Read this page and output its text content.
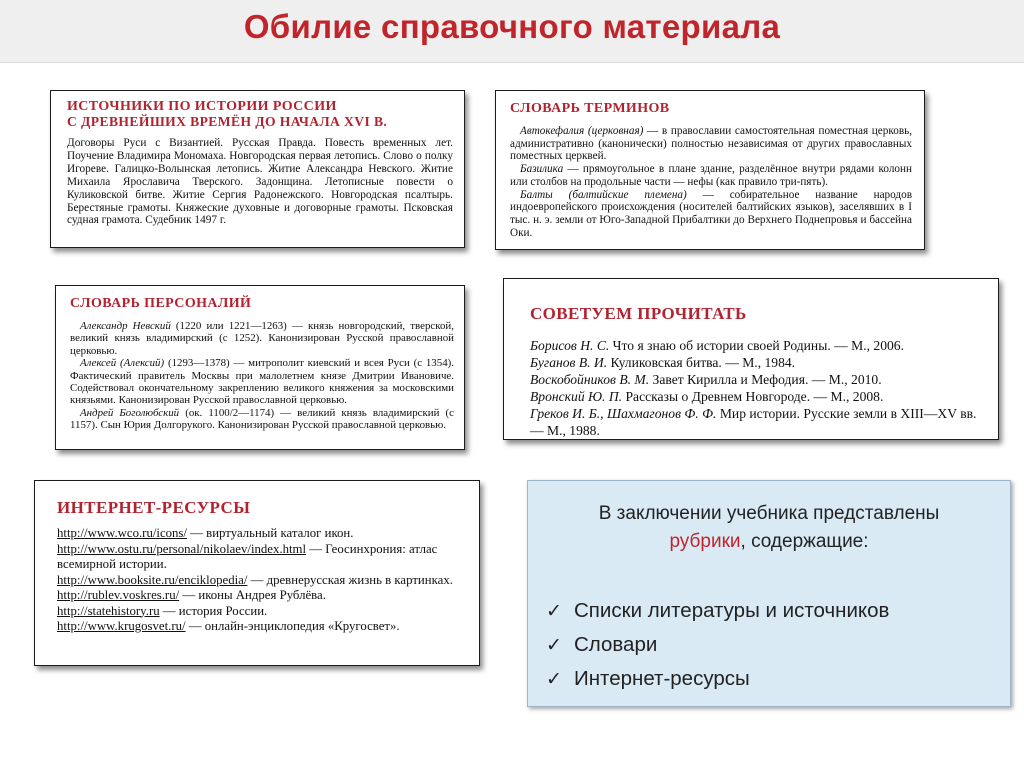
Обилие справочного материала
ИСТОЧНИКИ ПО ИСТОРИИ РОССИИ
С ДРЕВНЕЙШИХ ВРЕМЁН ДО НАЧАЛА XVI В.
Договоры Руси с Византией. Русская Правда. Повесть временных лет. Поучение Владимира Мономаха. Новгородская первая летопись. Слово о полку Игореве. Галицко-Волынская летопись. Житие Александра Невского. Житие Михаила Ярославича Тверского. Задонщина. Летописные повести о Куликовской битве. Житие Сергия Радонежского. Новгородская псалтырь. Берестяные грамоты. Княжеские духовные и договорные грамоты. Псковская судная грамота. Судебник 1497 г.
СЛОВАРЬ ТЕРМИНОВ
Автокефалия (церковная) — в православии самостоятельная поместная церковь, административно (канонически) полностью независимая от других православных поместных церквей.
Базилика — прямоугольное в плане здание, разделённое внутри рядами колонн или столбов на продольные части — нефы (как правило три-пять).
Балты (балтийские племена) — собирательное название народов индоевропейского происхождения (носителей балтийских языков), заселявших в I тыс. н. э. земли от Юго-Западной Прибалтики до Верхнего Поднепровья и бассейна Оки.
СЛОВАРЬ ПЕРСОНАЛИЙ
Александр Невский (1220 или 1221—1263) — князь новгородский, тверской, великий князь владимирский (с 1252). Канонизирован Русской православной церковью.
Алексей (Алексий) (1293—1378) — митрополит киевский и всея Руси (с 1354). Фактический правитель Москвы при малолетнем князе Дмитрии Ивановиче. Содействовал окончательному закреплению великого княжения за московскими князьями. Канонизирован Русской православной церковью.
Андрей Боголюбский (ок. 1100/2—1174) — великий князь владимирский (с 1157). Сын Юрия Долгорукого. Канонизирован Русской православной церковью.
СОВЕТУЕМ ПРОЧИТАТЬ
Борисов Н. С. Что я знаю об истории своей Родины. — М., 2006.
Буганов В. И. Куликовская битва. — М., 1984.
Воскобойников В. М. Завет Кирилла и Мефодия. — М., 2010.
Вронский Ю. П. Рассказы о Древнем Новгороде. — М., 2008.
Греков И. Б., Шахмагонов Ф. Ф. Мир истории. Русские земли в XIII—XV вв. — М., 1988.
ИНТЕРНЕТ-РЕСУРСЫ
http://www.wco.ru/icons/ — виртуальный каталог икон.
http://www.ostu.ru/personal/nikolaev/index.html — Геосинхрония: атлас всемирной истории.
http://www.booksite.ru/enciklopedia/ — древнерусская жизнь в картинках.
http://rublev.voskres.ru/ — иконы Андрея Рублёва.
http://statehistory.ru — история России.
http://www.krugosvet.ru/ — онлайн-энциклопедия «Кругосвет».
В заключении учебника представлены
рубрики, содержащие:
✓ Списки литературы и источников
✓ Словари
✓ Интернет-ресурсы
